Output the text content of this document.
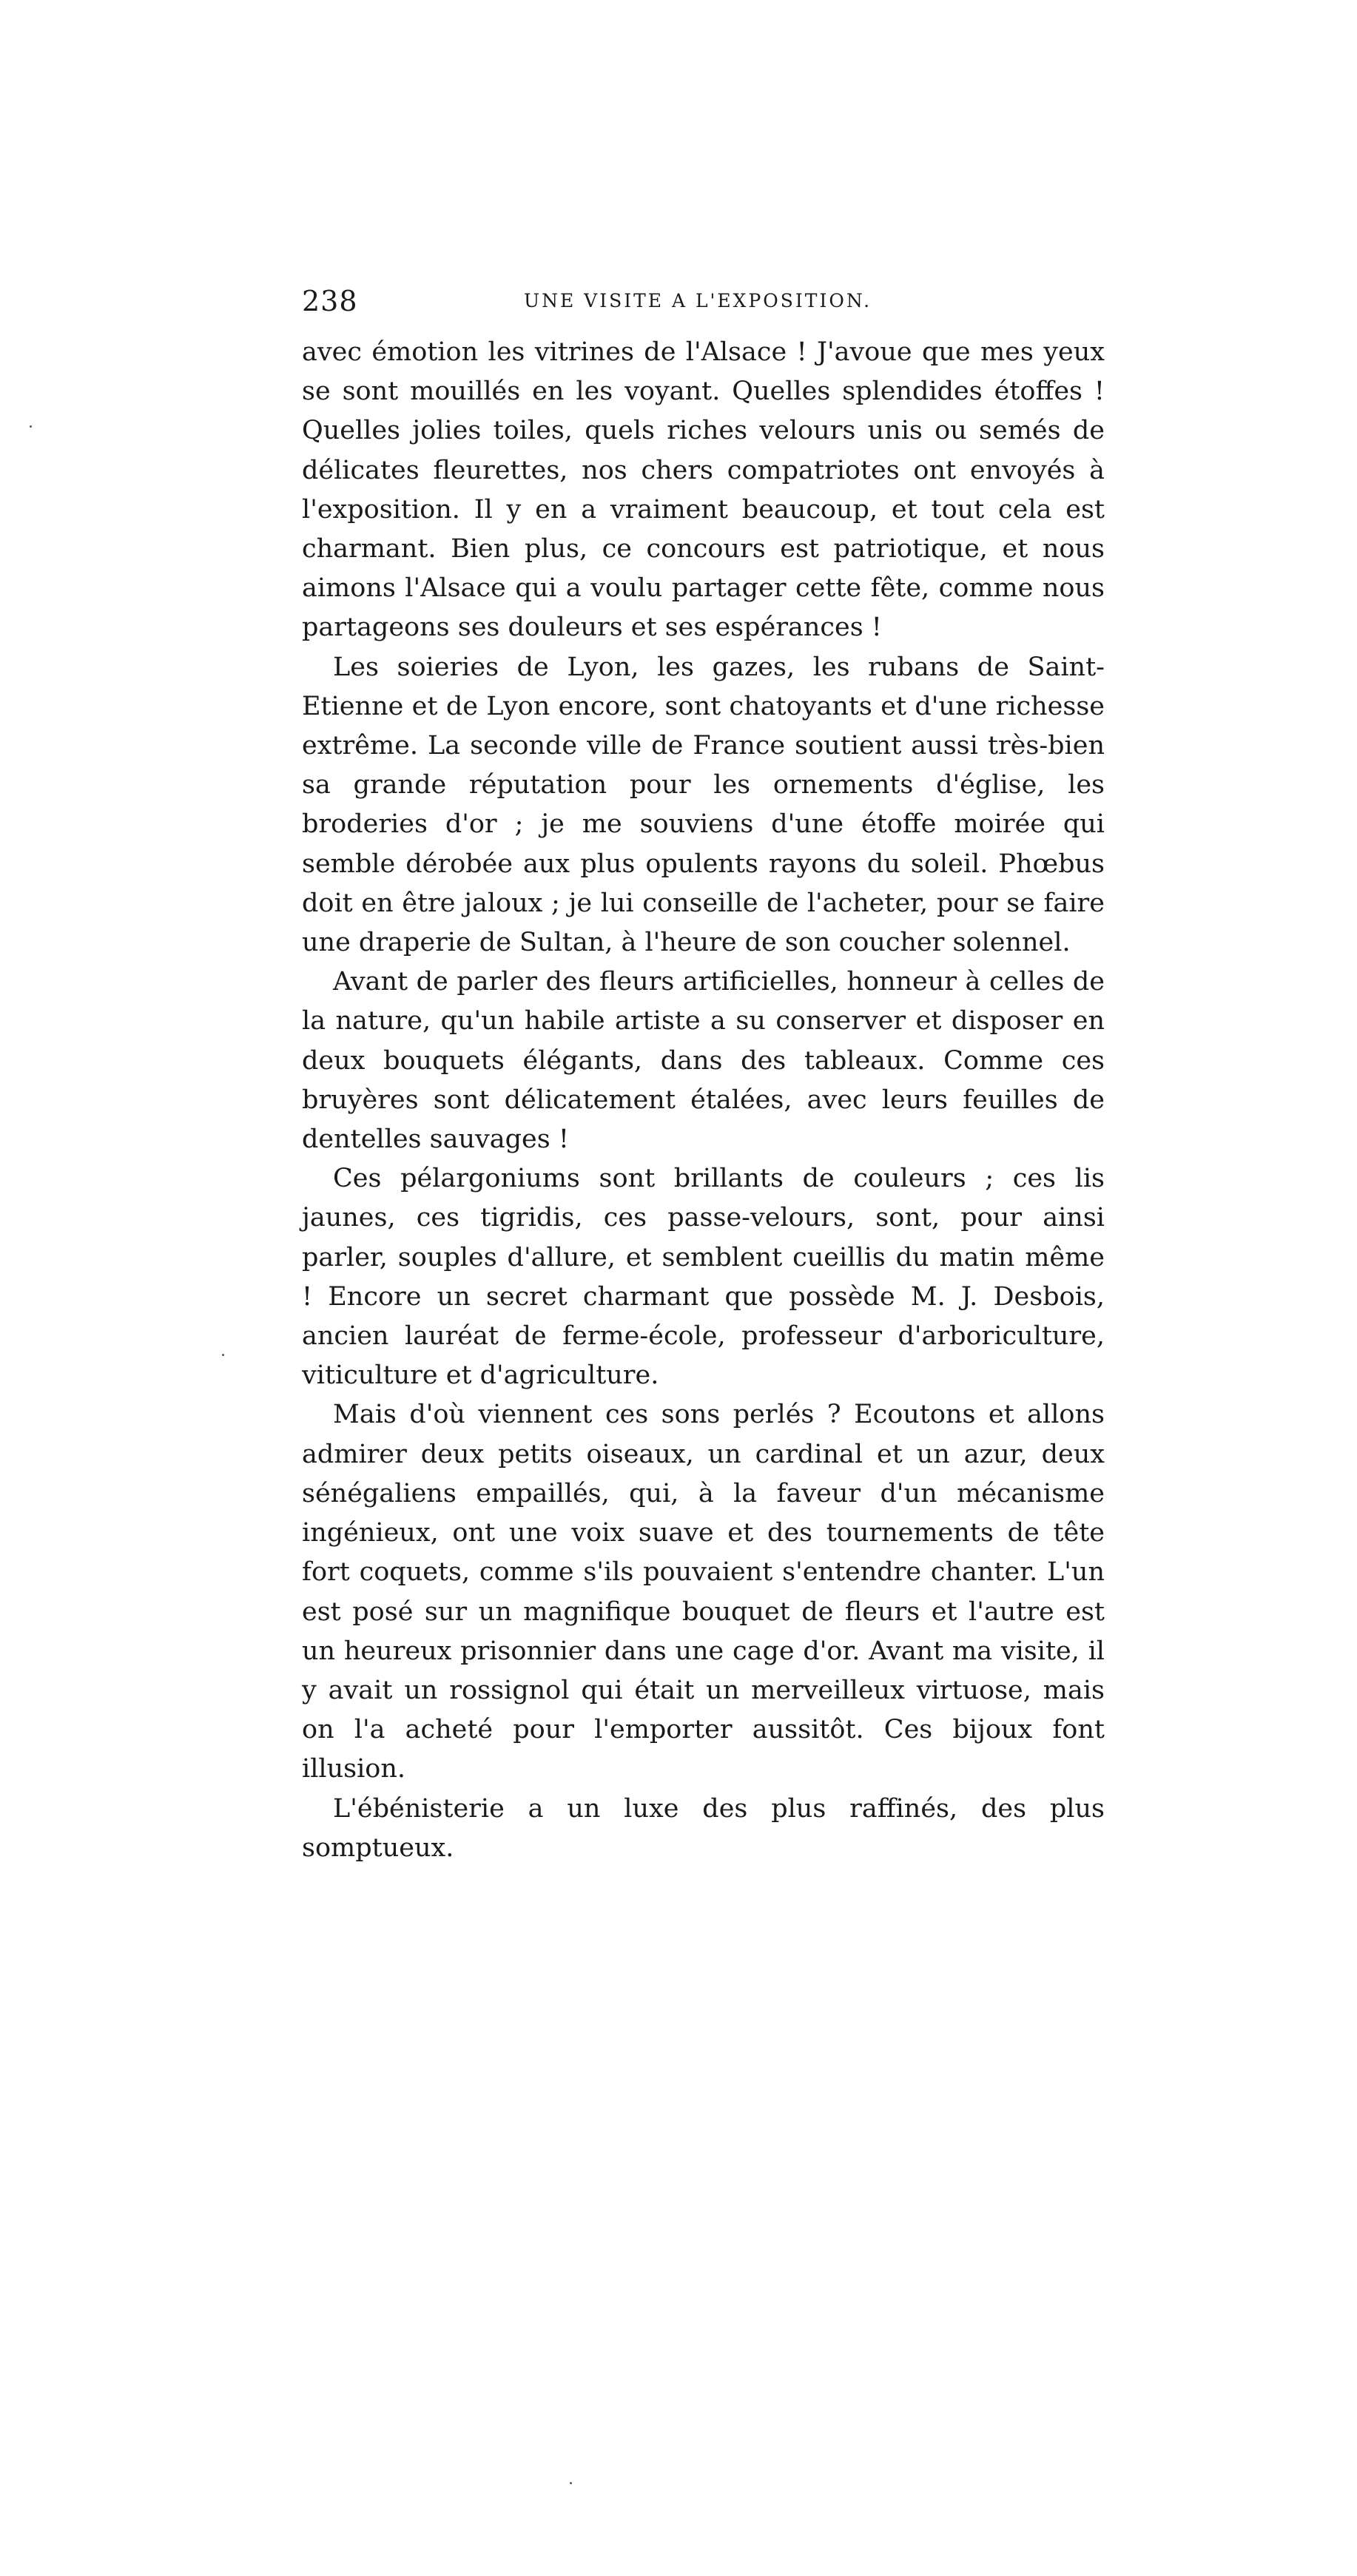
238	UNE VISITE A L'EXPOSITION.

avec émotion les vitrines de l'Alsace ! J'avoue que mes yeux se sont mouillés en les voyant. Quelles splendides étoffes ! Quelles jolies toiles, quels riches velours unis ou semés de délicates fleurettes, nos chers compatriotes ont envoyés à l'exposition. Il y en a vraiment beaucoup, et tout cela est charmant. Bien plus, ce concours est patriotique, et nous aimons l'Alsace qui a voulu partager cette fête, comme nous partageons ses douleurs et ses espérances !

Les soieries de Lyon, les gazes, les rubans de Saint-Etienne et de Lyon encore, sont chatoyants et d'une richesse extrême. La seconde ville de France soutient aussi très-bien sa grande réputation pour les ornements d'église, les broderies d'or ; je me souviens d'une étoffe moirée qui semble dérobée aux plus opulents rayons du soleil. Phœbus doit en être jaloux ; je lui conseille de l'acheter, pour se faire une draperie de Sultan, à l'heure de son coucher solennel.

Avant de parler des fleurs artificielles, honneur à celles de la nature, qu'un habile artiste a su conserver et disposer en deux bouquets élégants, dans des tableaux. Comme ces bruyères sont délicatement étalées, avec leurs feuilles de dentelles sauvages !

Ces pélargoniums sont brillants de couleurs ; ces lis jaunes, ces tigridis, ces passe-velours, sont, pour ainsi parler, souples d'allure, et semblent cueillis du matin même ! Encore un secret charmant que possède M. J. Desbois, ancien lauréat de ferme-école, professeur d'arboriculture, viticulture et d'agriculture.

Mais d'où viennent ces sons perlés ? Ecoutons et allons admirer deux petits oiseaux, un cardinal et un azur, deux sénégaliens empaillés, qui, à la faveur d'un mécanisme ingénieux, ont une voix suave et des tournements de tête fort coquets, comme s'ils pouvaient s'entendre chanter. L'un est posé sur un magnifique bouquet de fleurs et l'autre est un heureux prisonnier dans une cage d'or. Avant ma visite, il y avait un rossignol qui était un merveilleux virtuose, mais on l'a acheté pour l'emporter aussitôt. Ces bijoux font illusion.

L'ébénisterie a un luxe des plus raffinés, des plus somptueux.
